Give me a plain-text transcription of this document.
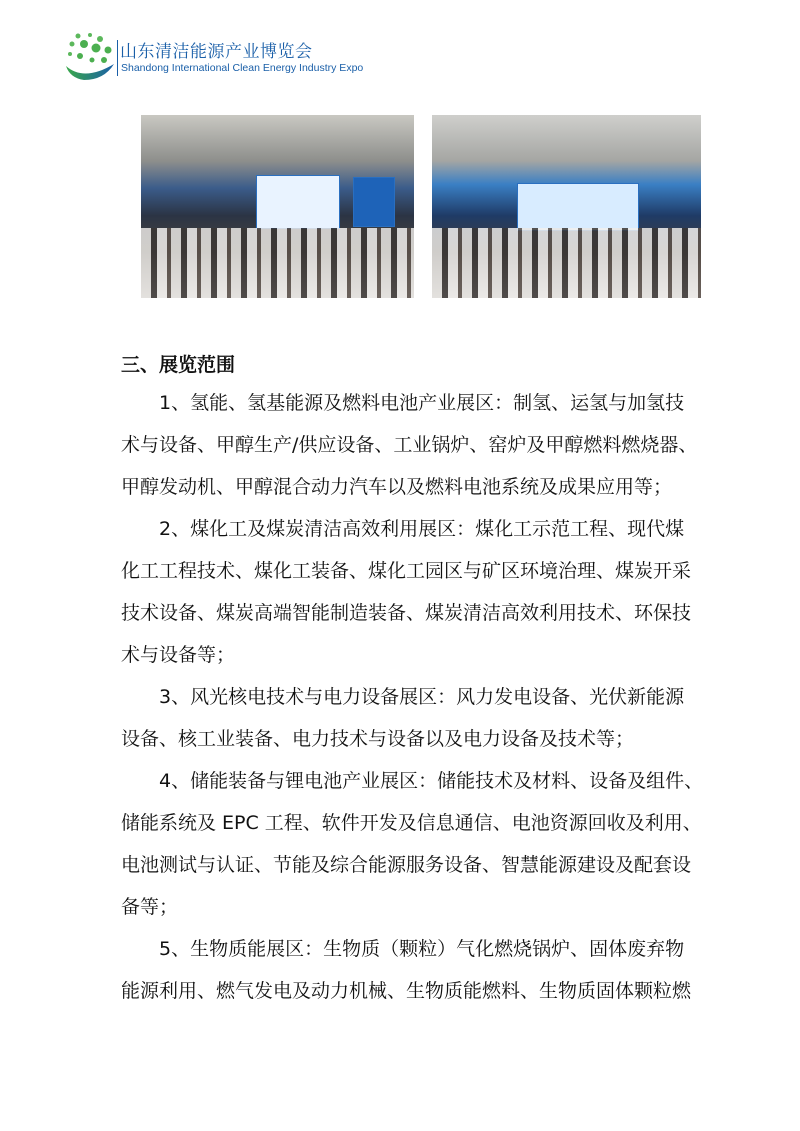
山东清洁能源产业博览会
Shandong International Clean Energy Industry Expo
三、展览范围
1、氢能、氢基能源及燃料电池产业展区：制氢、运氢与加氢技
术与设备、甲醇生产/供应设备、工业锅炉、窑炉及甲醇燃料燃烧器、
甲醇发动机、甲醇混合动力汽车以及燃料电池系统及成果应用等；
2、煤化工及煤炭清洁高效利用展区：煤化工示范工程、现代煤
化工工程技术、煤化工装备、煤化工园区与矿区环境治理、煤炭开采
技术设备、煤炭高端智能制造装备、煤炭清洁高效利用技术、环保技
术与设备等；
3、风光核电技术与电力设备展区：风力发电设备、光伏新能源
设备、核工业装备、电力技术与设备以及电力设备及技术等；
4、储能装备与锂电池产业展区：储能技术及材料、设备及组件、
储能系统及 EPC 工程、软件开发及信息通信、电池资源回收及利用、
电池测试与认证、节能及综合能源服务设备、智慧能源建设及配套设
备等；
5、生物质能展区：生物质（颗粒）气化燃烧锅炉、固体废弃物
能源利用、燃气发电及动力机械、生物质能燃料、生物质固体颗粒燃
